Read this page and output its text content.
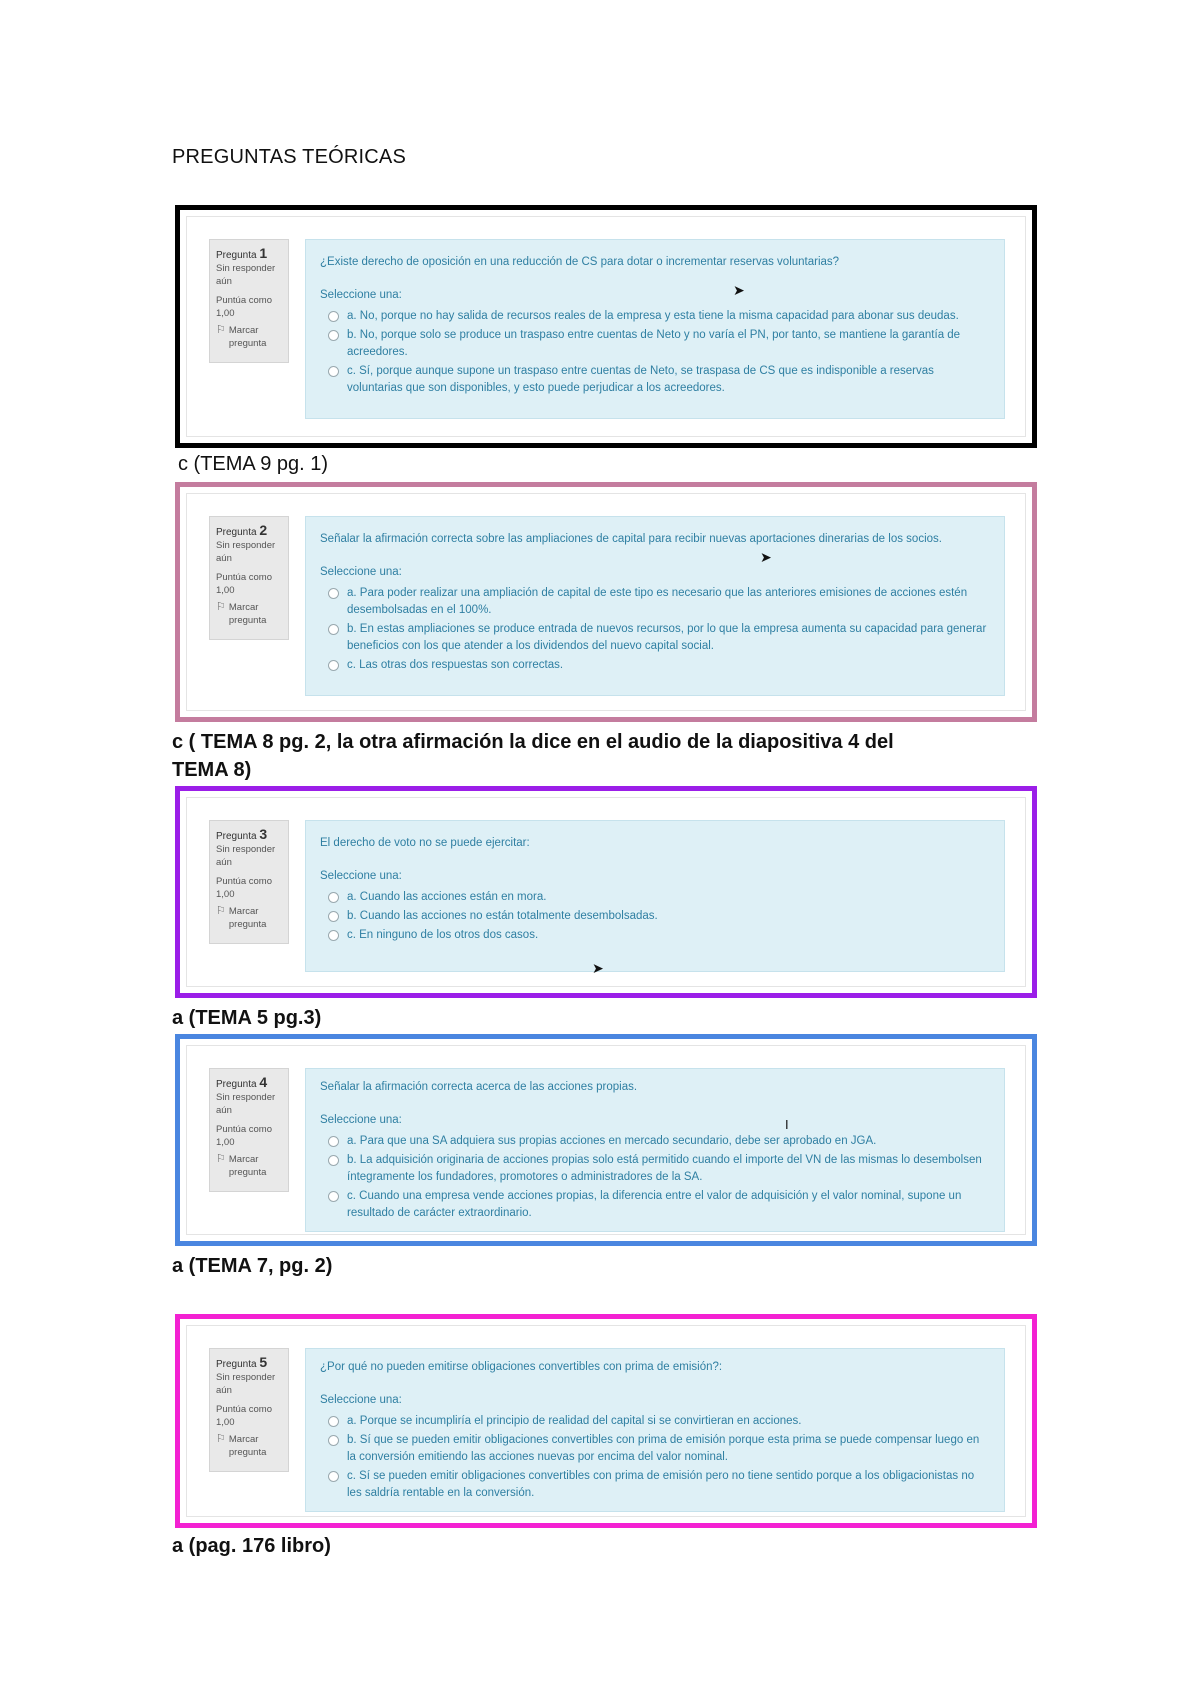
PREGUNTAS TEÓRICAS
Pregunta 1
Sin responder aún
Puntúa como 1,00
⚐ Marcar pregunta
¿Existe derecho de oposición en una reducción de CS para dotar o incrementar reservas voluntarias?
Seleccione una:
a. No, porque no hay salida de recursos reales de la empresa y esta tiene la misma capacidad para abonar sus deudas.
b. No, porque solo se produce un traspaso entre cuentas de Neto y no varía el PN, por tanto, se mantiene la garantía de acreedores.
c. Sí, porque aunque supone un traspaso entre cuentas de Neto, se traspasa de CS que es indisponible a reservas voluntarias que son disponibles, y esto puede perjudicar a los acreedores.
➤
c (TEMA 9 pg. 1)
Pregunta 2
Sin responder aún
Puntúa como 1,00
⚐ Marcar pregunta
Señalar la afirmación correcta sobre las ampliaciones de capital para recibir nuevas aportaciones dinerarias de los socios.
Seleccione una:
a. Para poder realizar una ampliación de capital de este tipo es necesario que las anteriores emisiones de acciones estén desembolsadas en el 100%.
b. En estas ampliaciones se produce entrada de nuevos recursos, por lo que la empresa aumenta su capacidad para generar beneficios con los que atender a los dividendos del nuevo capital social.
c. Las otras dos respuestas son correctas.
➤
c ( TEMA 8 pg. 2, la otra afirmación la dice en el audio de la diapositiva 4 del TEMA 8)
Pregunta 3
Sin responder aún
Puntúa como 1,00
⚐ Marcar pregunta
El derecho de voto no se puede ejercitar:
Seleccione una:
a. Cuando las acciones están en mora.
b. Cuando las acciones no están totalmente desembolsadas.
c. En ninguno de los otros dos casos.
➤
a (TEMA 5 pg.3)
Pregunta 4
Sin responder aún
Puntúa como 1,00
⚐ Marcar pregunta
Señalar la afirmación correcta acerca de las acciones propias.
Seleccione una:
a. Para que una SA adquiera sus propias acciones en mercado secundario, debe ser aprobado en JGA.
b. La adquisición originaria de acciones propias solo está permitido cuando el importe del VN de las mismas lo desembolsen íntegramente los fundadores, promotores o administradores de la SA.
c. Cuando una empresa vende acciones propias, la diferencia entre el valor de adquisición y el valor nominal, supone un resultado de carácter extraordinario.
I
a (TEMA 7, pg. 2)
Pregunta 5
Sin responder aún
Puntúa como 1,00
⚐ Marcar pregunta
¿Por qué no pueden emitirse obligaciones convertibles con prima de emisión?:
Seleccione una:
a. Porque se incumpliría el principio de realidad del capital si se convirtieran en acciones.
b. Sí que se pueden emitir obligaciones convertibles con prima de emisión porque esta prima se puede compensar luego en la conversión emitiendo las acciones nuevas por encima del valor nominal.
c. Sí se pueden emitir obligaciones convertibles con prima de emisión pero no tiene sentido porque a los obligacionistas no les saldría rentable en la conversión.
a (pag. 176 libro)
